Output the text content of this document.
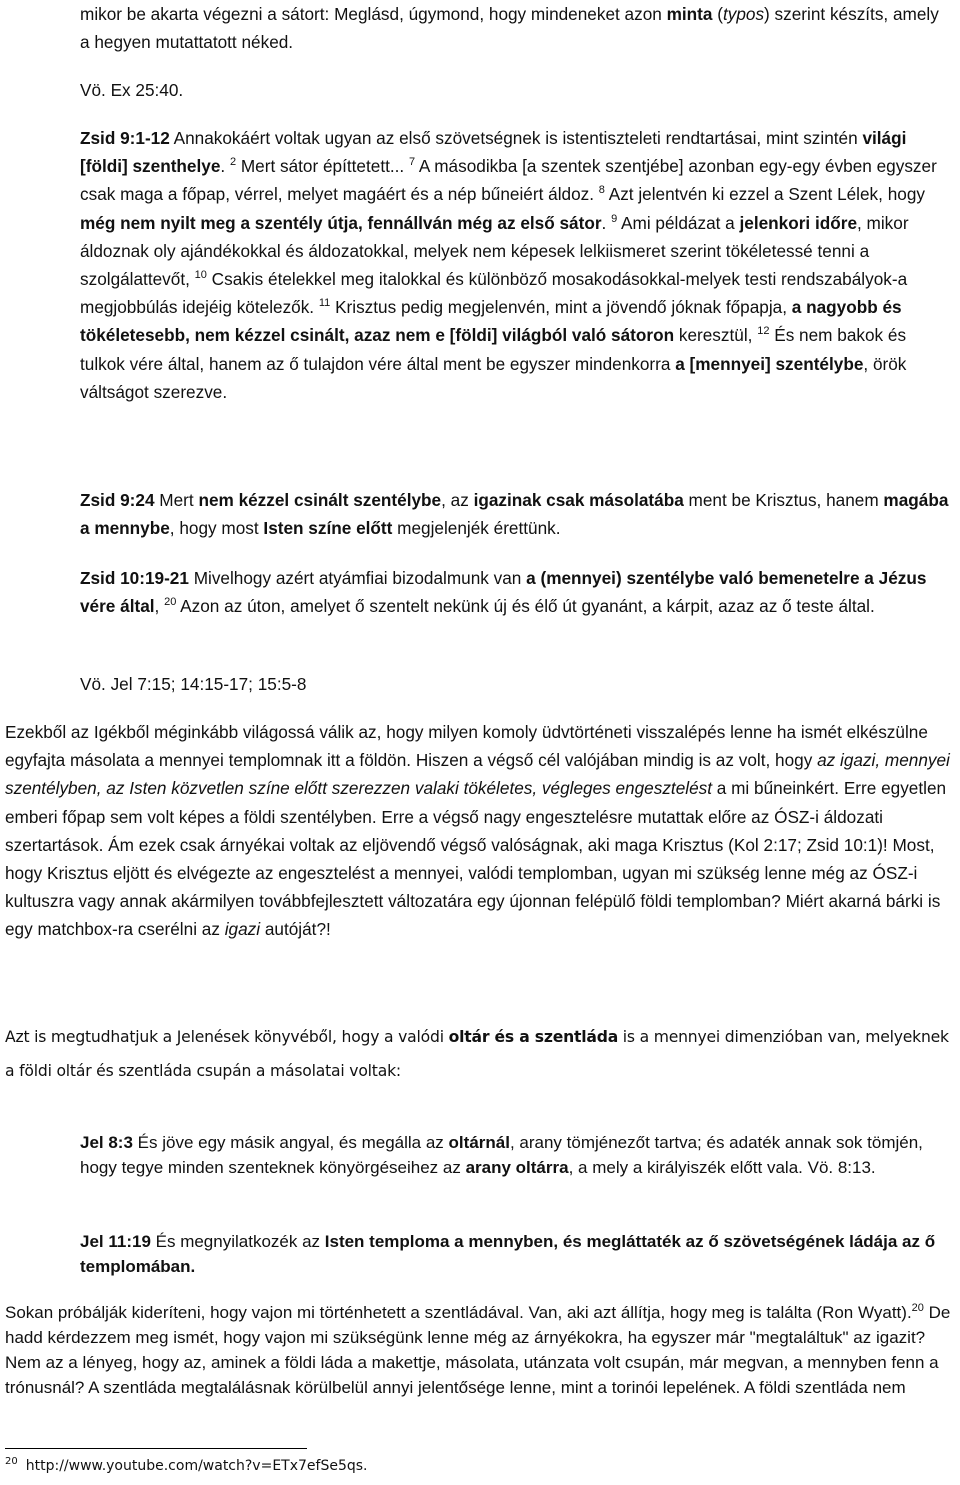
mikor be akarta végezni a sátort: Meglásd, úgymond, hogy mindeneket azon minta (typos) szerint készíts, amely a hegyen mutattatott néked.

Vö. Ex 25:40.

Zsid 9:1-12 Annakokáért voltak ugyan az első szövetségnek is istentiszteleti rendtartásai, mint szintén világi [földi] szenthelye. $^2$ Mert sátor építtetett... $^7$ A másodikba [a szentek szentjébe] azonban egy-egy évben egyszer csak maga a főpap, vérrel, melyet magáért és a nép bűneiért áldoz. $^8$ Azt jelentvén ki ezzel a Szent Lélek, hogy még nem nyilt meg a szentély útja, fennállván még az első sátor. $^9$ Ami példázat a jelenkori időre, mikor áldoznak oly ajándékokkal és áldozatokkal, melyek nem képesek lelkiismeret szerint tökéletessé tenni a szolgálattevőt, $^{10}$ Csakis ételekkel meg italokkal és különböző mosakodásokkal-melyek testi rendszabályok-a megjobbúlás idejéig kötelezők. $^{11}$ Krisztus pedig megjelenvén, mint a jövendő jóknak főpapja, a nagyobb és tökéletesebb, nem kézzel csinált, azaz nem e [földi] világból való sátoron keresztül, $^{12}$ És nem bakok és tulkok vére által, hanem az ő tulajdon vére által ment be egyszer mindenkorra a [mennyei] szentélybe, örök váltságot szerezve.

Zsid 9:24 Mert nem kézzel csinált szentélybe, az igazinak csak másolatába ment be Krisztus, hanem magába a mennybe, hogy most Isten színe előtt megjelenjék érettünk.

Zsid 10:19-21 Mivelhogy azért atyámfiai bizodalmunk van a (mennyei) szentélybe való bemenetelre a Jézus vére által, $^{20}$ Azon az úton, amelyet ő szentelt nekünk új és élő út gyanánt, a kárpit, azaz az ő teste által.

Vö. Jel 7:15; 14:15-17; 15:5-8

Ezekből az Igékből méginkább világossá válik az, hogy milyen komoly üdvtörténeti visszalépés lenne ha ismét elkészülne egyfajta másolata a mennyei templomnak itt a földön. Hiszen a végső cél valójában mindig is az volt, hogy az igazi, mennyei szentélyben, az Isten közvetlen színe előtt szerezzen valaki tökéletes, végleges engesztelést a mi bűneinkért. Erre egyetlen emberi főpap sem volt képes a földi szentélyben. Erre a végső nagy engesztelésre mutattak előre az ÓSZ-i áldozati szertartások. Ám ezek csak árnyékai voltak az eljövendő végső valóságnak, aki maga Krisztus (Kol 2:17; Zsid 10:1)! Most, hogy Krisztus eljött és elvégezte az engesztelést a mennyei, valódi templomban, ugyan mi szükség lenne még az ÓSZ-i kultuszra vagy annak akármilyen továbbfejlesztett változatára egy újonnan felépülő földi templomban? Miért akarná bárki is egy matchbox-ra cserélni az igazi autóját?!

Azt is megtudhatjuk a Jelenések könyvéből, hogy a valódi oltár és a szentláda is a mennyei dimenzióban van, melyeknek a földi oltár és szentláda csupán a másolatai voltak:

Jel 8:3 És jöve egy másik angyal, és megálla az oltárnál, arany tömjénezőt tartva; és adaték annak sok tömjén, hogy tegye minden szenteknek könyörgéseihez az arany oltárra, a mely a királyiszék előtt vala. Vö. 8:13.

Jel 11:19 És megnyilatkozék az Isten temploma a mennyben, és megláttaték az ő szövetségének ládája az ő templomában.

Sokan próbálják kideríteni, hogy vajon mi történhetett a szentládával. Van, aki azt állítja, hogy meg is találta (Ron Wyatt).$^{20}$ De hadd kérdezzem meg ismét, hogy vajon mi szükségünk lenne még az árnyékokra, ha egyszer már "megtaláltuk" az igazit? Nem az a lényeg, hogy az, aminek a földi láda a makettje, másolata, utánzata volt csupán, már megvan, a mennyben fenn a trónusnál? A szentláda megtalálásnak körülbelül annyi jelentősége lenne, mint a torinói lepelének. A földi szentláda nem

$^{20}$ http://www.youtube.com/watch?v=ETx7efSe5qs.
